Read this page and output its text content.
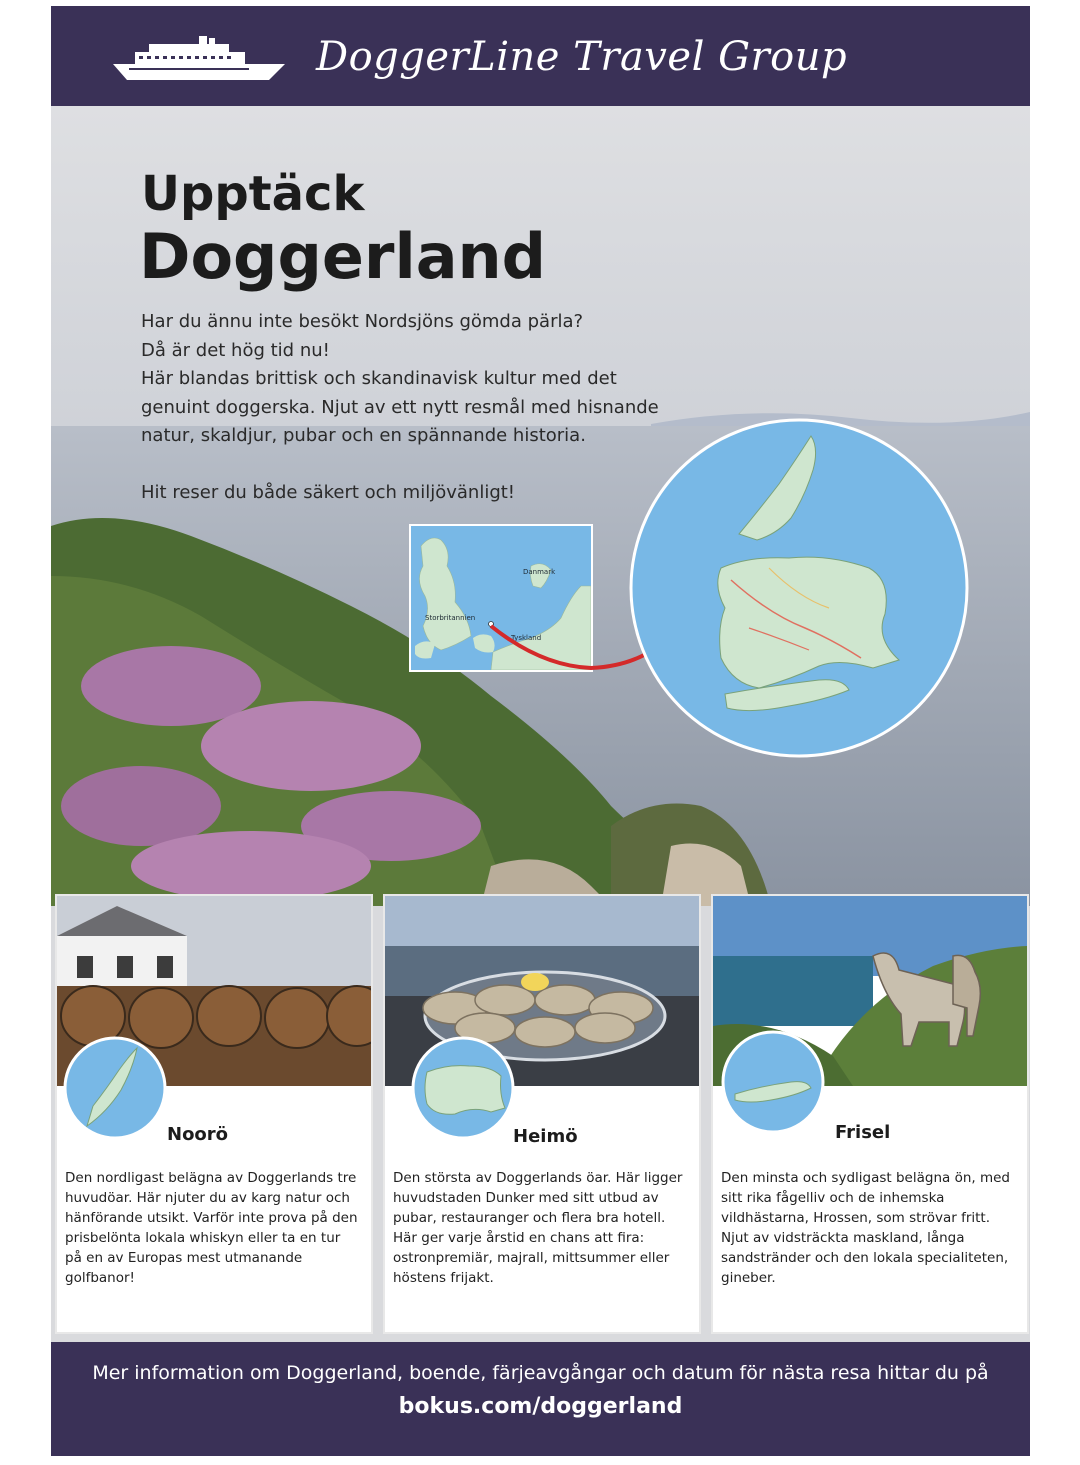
DoggerLine Travel Group
Upptäck
Doggerland

Har du ännu inte besökt Nordsjöns gömda pärla?

Då är det hög tid nu!

Här blandas brittisk och skandinavisk kultur med det

genuint doggerska. Njut av ett nytt resmål med hisnande

natur, skaldjur, pubar och en spännande historia.

Hit reser du både säkert och miljövänligt!

Danmark
Storbritannien
Tyskland
Noorö
Den nordligast belägna av Doggerlands tre huvudöar. Här njuter du av karg natur och hänförande utsikt. Varför inte prova på den prisbelönta lokala whiskyn eller ta en tur på en av Europas mest utmanande golfbanor!
Heimö
Den största av Doggerlands öar. Här ligger huvudstaden Dunker med sitt utbud av pubar, restauranger och flera bra hotell. Här ger varje årstid en chans att fira: ostronpremiär, majrall, mittsummer eller höstens frijakt.
Frisel
Den minsta och sydligast belägna ön, med sitt rika fågelliv och de inhemska vildhästarna, Hrossen, som strövar fritt. Njut av vidsträckta maskland, långa sandstränder och den lokala specialiteten, gineber.
Mer information om Doggerland, boende, färjeavgångar och datum för nästa resa hittar du på
bokus.com/doggerland
